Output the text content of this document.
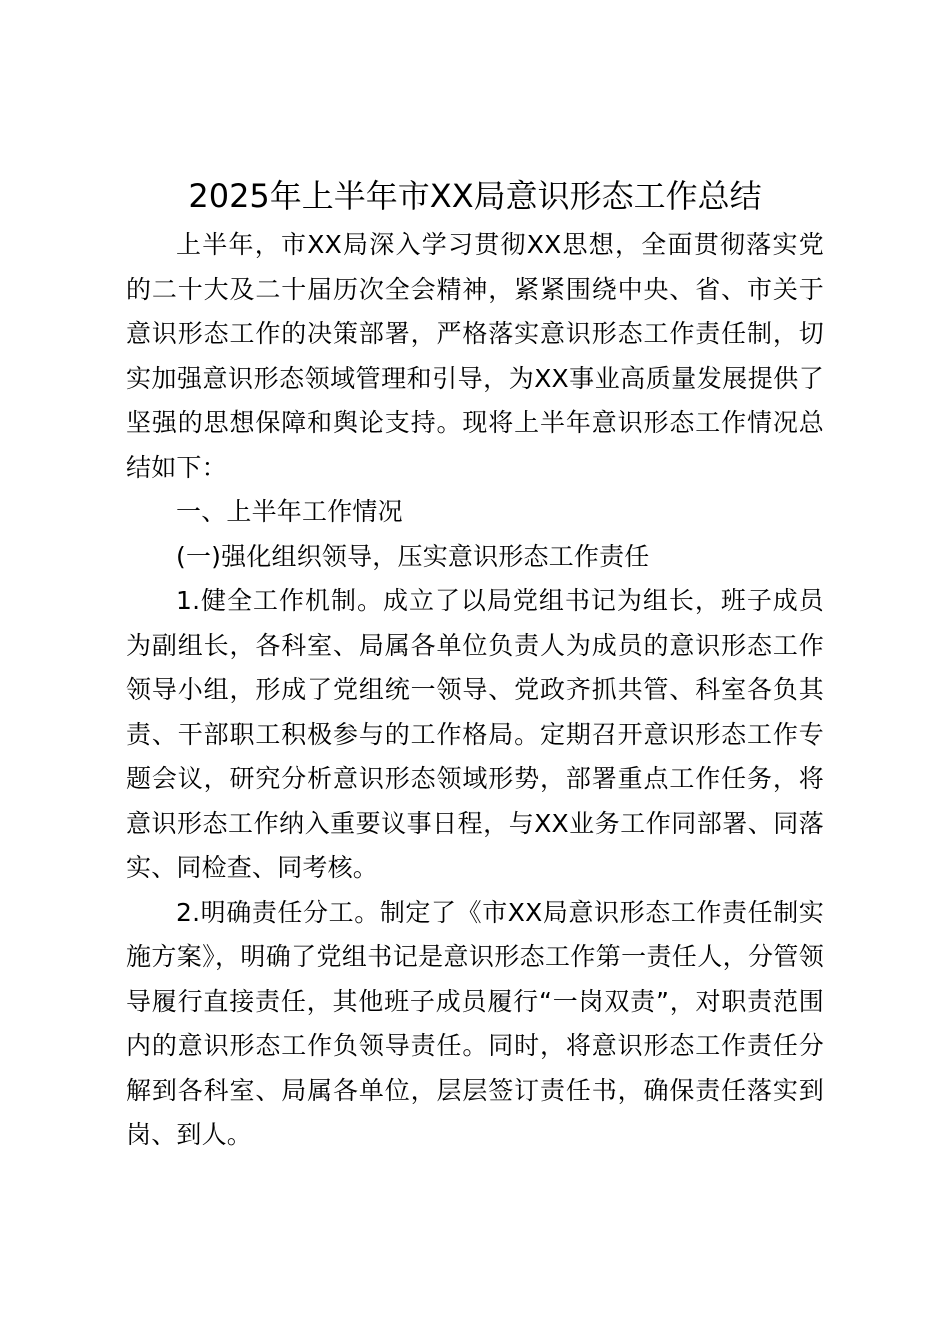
2025年上半年市XX局意识形态工作总结

上半年，市XX局深入学习贯彻XX思想，全面贯彻落实党的二十大及二十届历次全会精神，紧紧围绕中央、省、市关于意识形态工作的决策部署，严格落实意识形态工作责任制，切实加强意识形态领域管理和引导，为XX事业高质量发展提供了坚强的思想保障和舆论支持。现将上半年意识形态工作情况总结如下：

一、上半年工作情况

(一)强化组织领导，压实意识形态工作责任

1.健全工作机制。成立了以局党组书记为组长，班子成员为副组长，各科室、局属各单位负责人为成员的意识形态工作领导小组，形成了党组统一领导、党政齐抓共管、科室各负其责、干部职工积极参与的工作格局。定期召开意识形态工作专题会议，研究分析意识形态领域形势，部署重点工作任务，将意识形态工作纳入重要议事日程，与XX业务工作同部署、同落实、同检查、同考核。

2.明确责任分工。制定了《市XX局意识形态工作责任制实施方案》，明确了党组书记是意识形态工作第一责任人，分管领导履行直接责任，其他班子成员履行“一岗双责”，对职责范围内的意识形态工作负领导责任。同时，将意识形态工作责任分解到各科室、局属各单位，层层签订责任书，确保责任落实到岗、到人。
